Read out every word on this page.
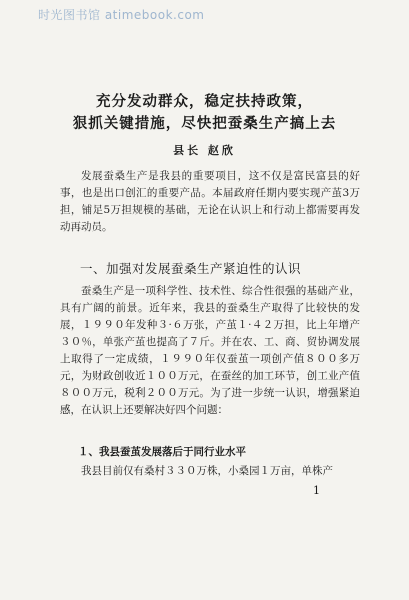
时光图书馆 atimebook.com
充分发动群众，稳定扶持政策，
狠抓关键措施，尽快把蚕桑生产搞上去
县长 赵欣
发展蚕桑生产是我县的重要项目，这不仅是富民富县的好事，也是出口创汇的重要产品。本届政府任期内要实现产茧3万担，铺足5万担规模的基础，无论在认识上和行动上都需要再发动再动员。
一、加强对发展蚕桑生产紧迫性的认识
蚕桑生产是一项科学性、技术性、综合性很强的基础产业，具有广阔的前景。近年来，我县的蚕桑生产取得了比较快的发展，１９９０年发种３·６万张，产茧１·４２万担，比上年增产３０％，单张产茧也提高了７斤。并在农、工、商、贸协调发展上取得了一定成绩，１９９０年仅蚕茧一项创产值８００多万元，为财政创收近１００万元，在蚕丝的加工环节，创工业产值８００万元，税利２００万元。为了进一步统一认识，增强紧迫感，在认识上还要解决好四个问题：
１、我县蚕茧发展落后于同行业水平
我县目前仅有桑村３３０万株，小桑园１万亩，单株产
1
